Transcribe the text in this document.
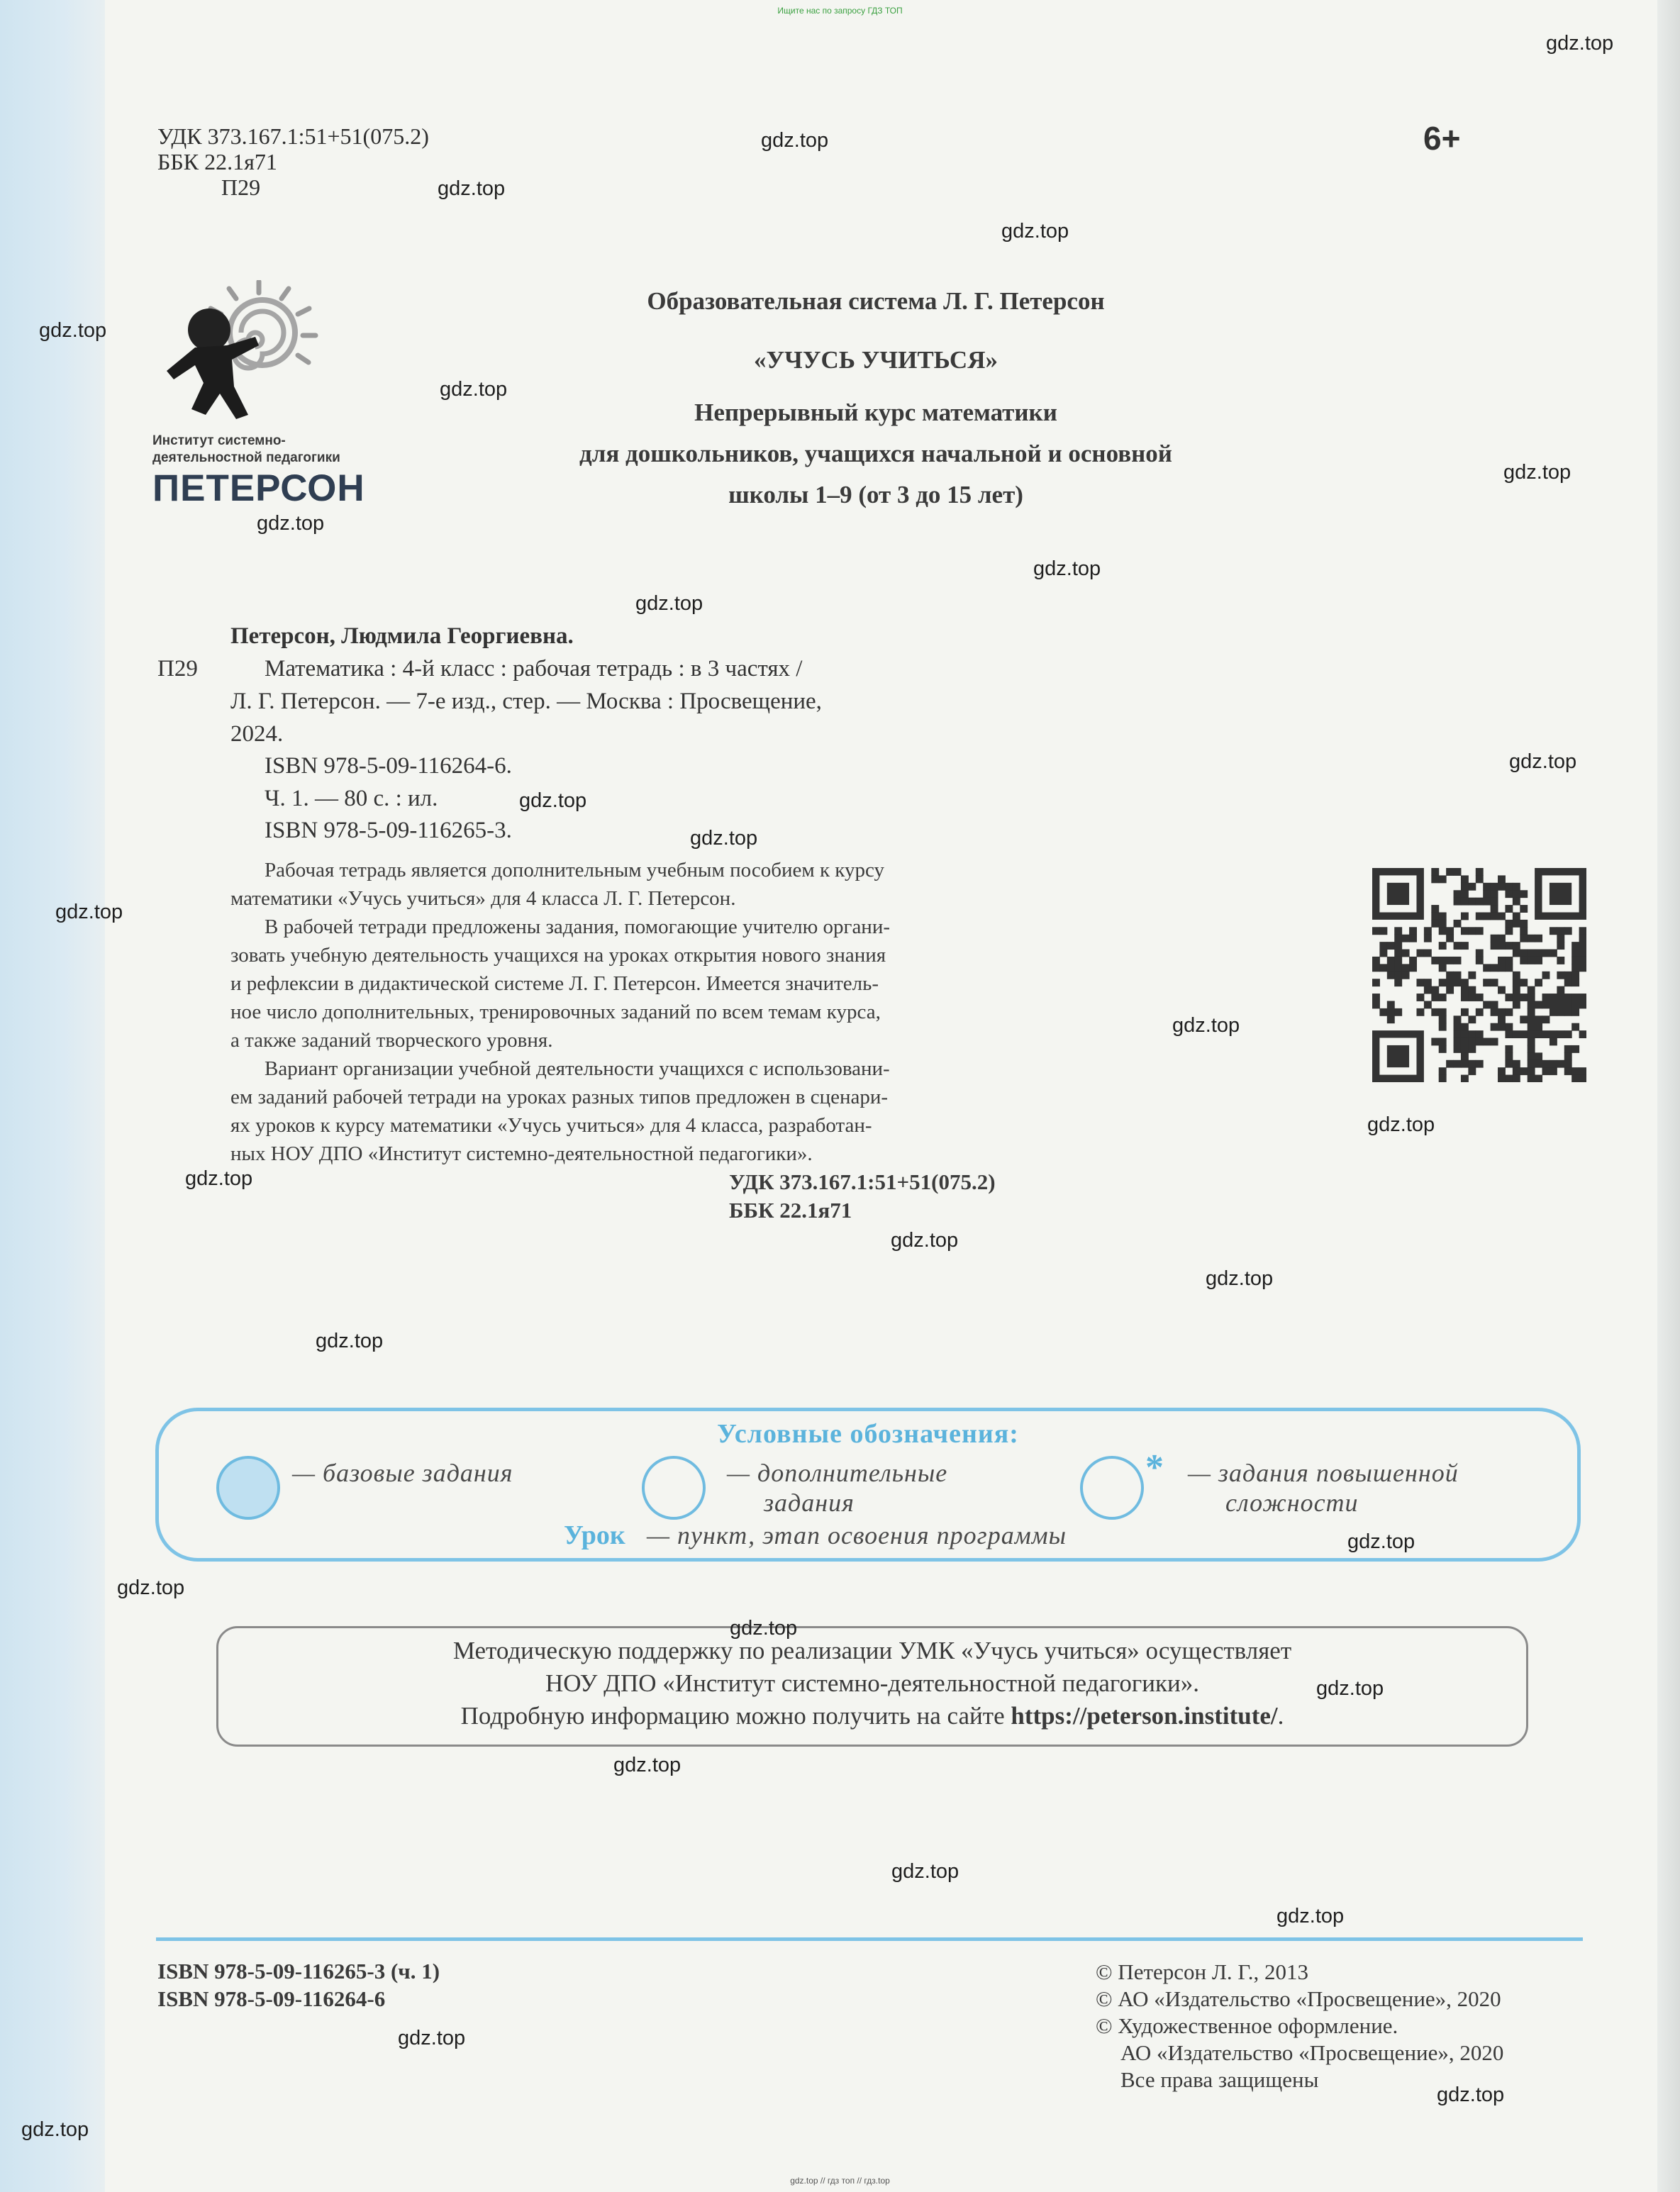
Ищите нас по запросу ГДЗ ТОП
УДК 373.167.1:51+51(075.2)
ББК 22.1я71
П29
6+
Институт системно-
деятельностной педагогики
ПЕТЕРСОН
Образовательная система Л. Г. Петерсон
«УЧУСЬ УЧИТЬСЯ»
Непрерывный курс математики
для дошкольников, учащихся начальной и основной
школы 1–9 (от 3 до 15 лет)
Петерсон, Людмила Георгиевна.
П29	Математика : 4-й класс : рабочая тетрадь : в 3 частях /
Л. Г. Петерсон. — 7-е изд., стер. — Москва : Просвещение,
2024.
ISBN 978-5-09-116264-6.
Ч. 1. — 80 с. : ил.
ISBN 978-5-09-116265-3.
Рабочая тетрадь является дополнительным учебным пособием к курсу
математики «Учусь учиться» для 4 класса Л. Г. Петерсон.
В рабочей тетради предложены задания, помогающие учителю органи-
зовать учебную деятельность учащихся на уроках открытия нового знания
и рефлексии в дидактической системе Л. Г. Петерсон. Имеется значитель-
ное число дополнительных, тренировочных заданий по всем темам курса,
а также заданий творческого уровня.
Вариант организации учебной деятельности учащихся с использовани-
ем заданий рабочей тетради на уроках разных типов предложен в сценари-
ях уроков к курсу математики «Учусь учиться» для 4 класса, разработан-
ных НОУ ДПО «Институт системно-деятельностной педагогики».
УДК 373.167.1:51+51(075.2)
ББК 22.1я71
Условные обозначения:
— базовые задания	— дополнительные
задания
* — задания повышенной
сложности
Урок — пункт, этап освоения программы
Методическую поддержку по реализации УМК «Учусь учиться» осуществляет
НОУ ДПО «Институт системно-деятельностной педагогики».
Подробную информацию можно получить на сайте https://peterson.institute/.
ISBN 978-5-09-116265-3 (ч. 1)
ISBN 978-5-09-116264-6
© Петерсон Л. Г., 2013
© АО «Издательство «Просвещение», 2020
© Художественное оформление.
АО «Издательство «Просвещение», 2020
Все права защищены
gdz.top // гдз топ // гдз.top
gdz.top
gdz.top
gdz.top
gdz.top
gdz.top
gdz.top
gdz.top
gdz.top
gdz.top
gdz.top
gdz.top
gdz.top
gdz.top
gdz.top
gdz.top
gdz.top
gdz.top
gdz.top
gdz.top
gdz.top
gdz.top
gdz.top
gdz.top
gdz.top
gdz.top
gdz.top
gdz.top
gdz.top
gdz.top
gdz.top
